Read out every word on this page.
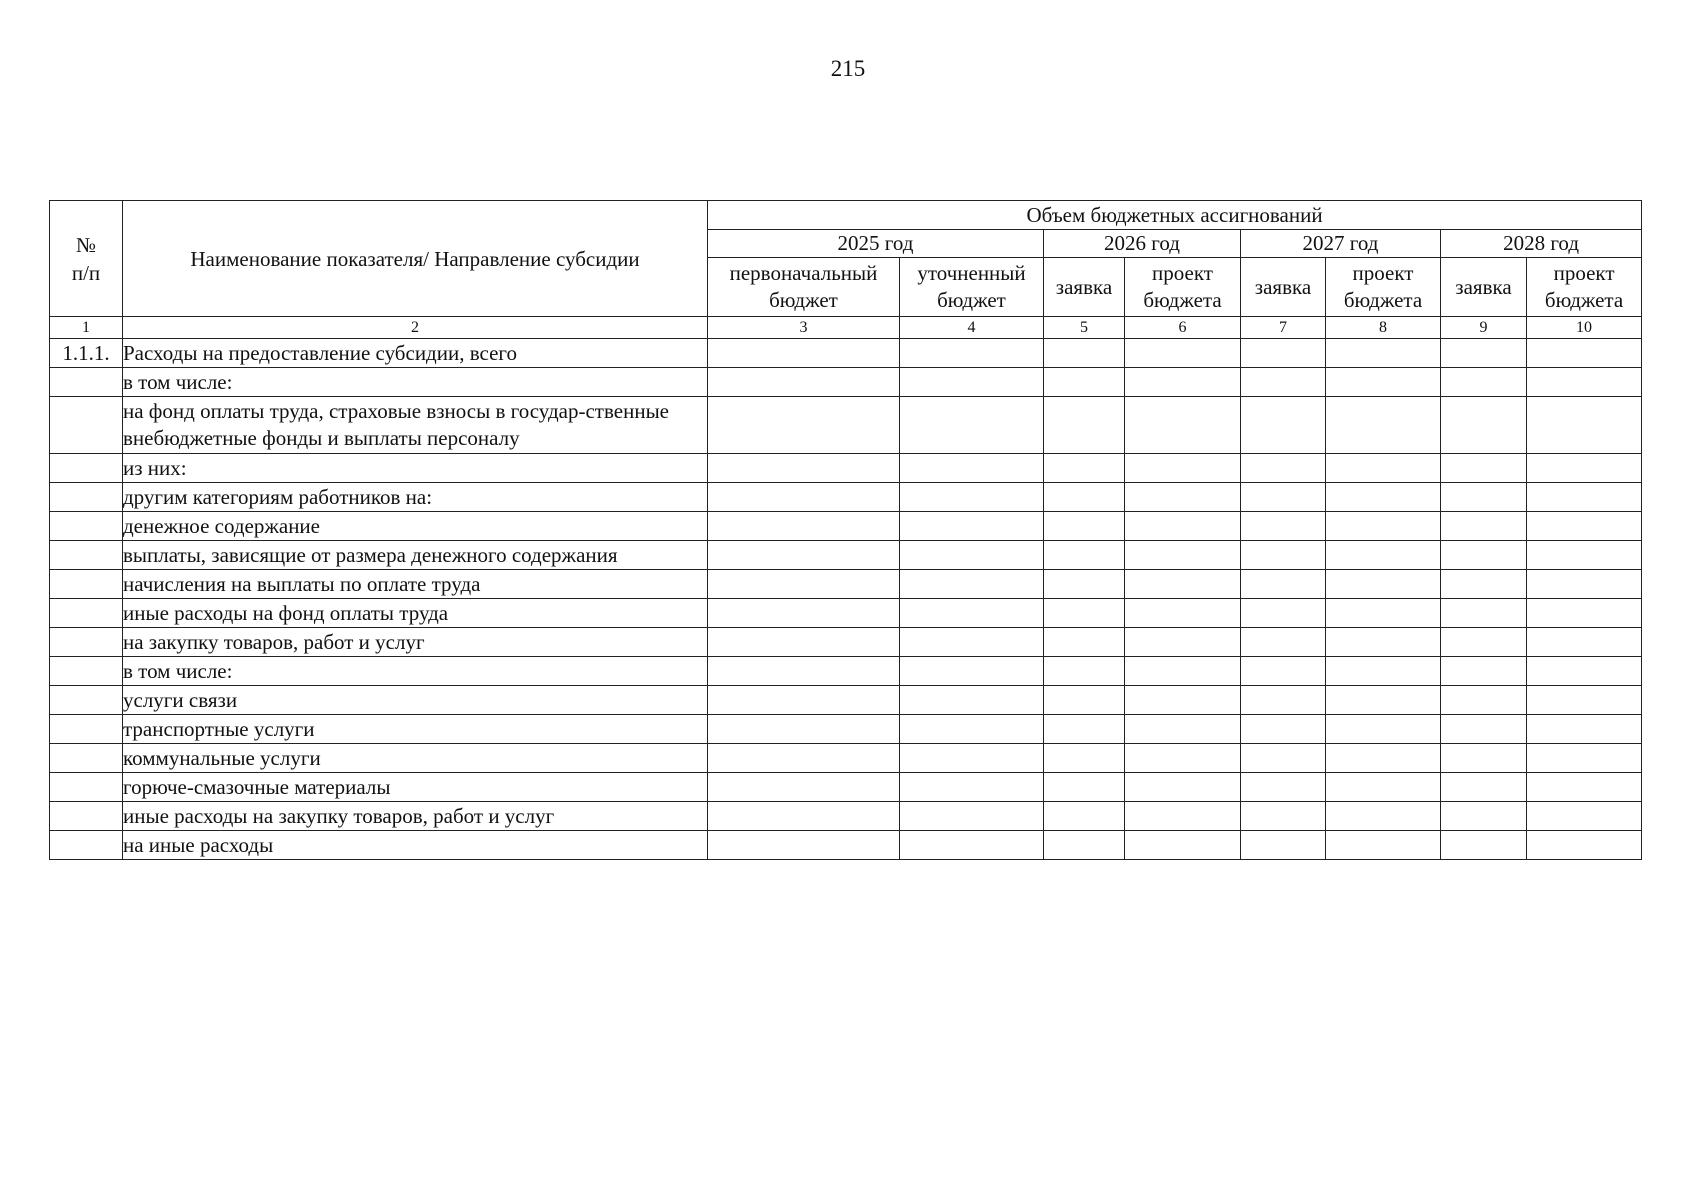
215
№ п/п	Наименование показателя/ Направление субсидии	Объем бюджетных ассигнований							
		2025 год		2026 год		2027 год		2028 год	
		первоначальный бюджет	уточненный бюджет	заявка	проект бюджета	заявка	проект бюджета	заявка	проект бюджета
1	2	3	4	5	6	7	8	9	10
1.1.1.	Расходы на предоставление субсидии, всего								
	в том числе:								
	на фонд оплаты труда, страховые взносы в государ-ственные внебюджетные фонды и выплаты персоналу								
	из них:								
	другим категориям работников на:								
	денежное содержание								
	выплаты, зависящие от размера денежного содержания								
	начисления на выплаты по оплате труда								
	иные расходы на фонд оплаты труда								
	на закупку товаров, работ и услуг								
	в том числе:								
	услуги связи								
	транспортные услуги								
	коммунальные услуги								
	горюче-смазочные материалы								
	иные расходы на закупку товаров, работ и услуг								
	на иные расходы								
